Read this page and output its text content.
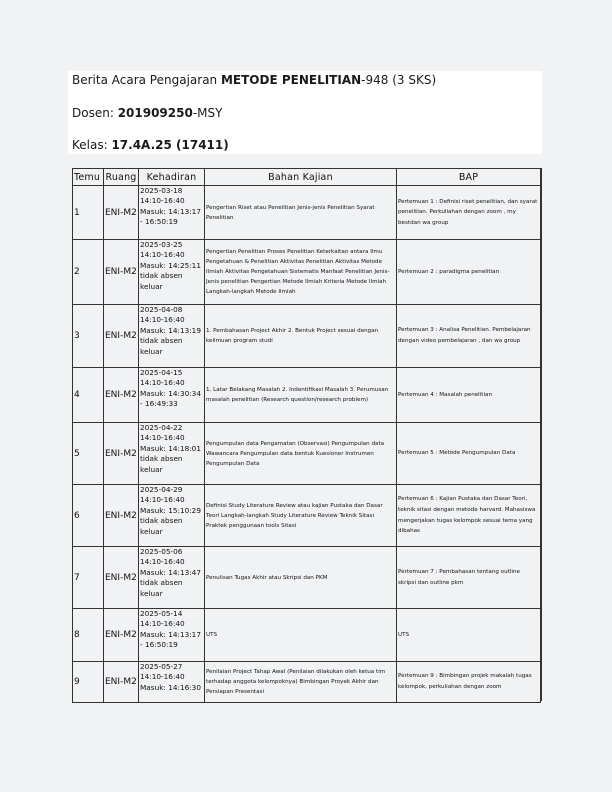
Berita Acara Pengajaran METODE PENELITIAN-948 (3 SKS)
Dosen: 201909250-MSY
Kelas: 17.4A.25 (17411)
Temu	Ruang	Kehadiran	Bahan Kajian	BAP
1	ENI-M2	2025-03-18 14:10-16:40 Masuk: 14:13:17 - 16:50:19	Pengertian Riset atau Penelitian Jenis-jenis Penelitian Syarat Penelitian	Pertemuan 1 : Definisi riset penelitian, dan syarat penelitian. Perkuliahan dengan zoom , my bestdan wa group
2	ENI-M2	2025-03-25 14:10-16:40 Masuk: 14:25:11 tidak absen keluar	Pengertian Penelitian Proses Penelitian Keterkaitan antara Ilmu Pengetahuan & Penelitian Aktivitas Penelitian Aktivitas Metode Ilmiah Aktivitas Pengetahuan Sistematis Manfaat Penelitian Jenis-Jenis penelitian Pengertian Metode Ilmiah Kriteria Metode Ilmiah Langkah-langkah Metode Ilmiah	Pertemuan 2 : paradigma penelitian
3	ENI-M2	2025-04-08 14:10-16:40 Masuk: 14:13:19 tidak absen keluar	1. Pembahasan Project Akhir 2. Bentuk Project sesuai dengan keilmuan program studi	Pertemuan 3 : Analisa Penelitian. Pembelajaran dengan video pembelajaran , dan wa group
4	ENI-M2	2025-04-15 14:10-16:40 Masuk: 14:30:34 - 16:49:33	1. Latar Belakang Masalah 2. Indentifikasi Masalah 3. Perumusan masalah penelitian (Research question/research problem)	Pertemuan 4 : Masalah penelitian
5	ENI-M2	2025-04-22 14:10-16:40 Masuk: 14:18:01 tidak absen keluar	Pengumpulan data Pengamatan (Observasi) Pengumpulan data Wawancara Pengumpulan data bentuk Kuesioner Instrumen Pengumpulan Data	Pertemuan 5 : Metode Pengumpulan Data
6	ENI-M2	2025-04-29 14:10-16:40 Masuk: 15:10:29 tidak absen keluar	Definisi Study Literature Review atau kajian Pustaka dan Dasar Teori Langkah-langkah Study Literature Review Teknik Sitasi Praktek penggunaan tools Sitasi	Pertemuan 6 : Kajian Pustaka dan Dasar Teori, teknik sitasi dengan metode harvard. Mahasiswa mengerjakan tugas kelompok sesuai tema yang dibahas
7	ENI-M2	2025-05-06 14:10-16:40 Masuk: 14:13:47 tidak absen keluar	Penulisan Tugas Akhir atau Skripsi dan PKM	Pertemuan 7 : Pembahasan tentang outline skripsi dan outline pkm
8	ENI-M2	2025-05-14 14:10-16:40 Masuk: 14:13:17 - 16:50:19	UTS	UTS
9	ENI-M2	2025-05-27 14:10-16:40 Masuk: 14:16:30	Penilaian Project Tahap Awal (Penilaian dilakukan oleh ketua tim terhadap anggota kelompoknya) Bimbingan Proyek Akhir dan Persiapan Presentasi	Pertemuan 9 : Bimbingan projek makalah tugas kelompok, perkuliahan dengan zoom
